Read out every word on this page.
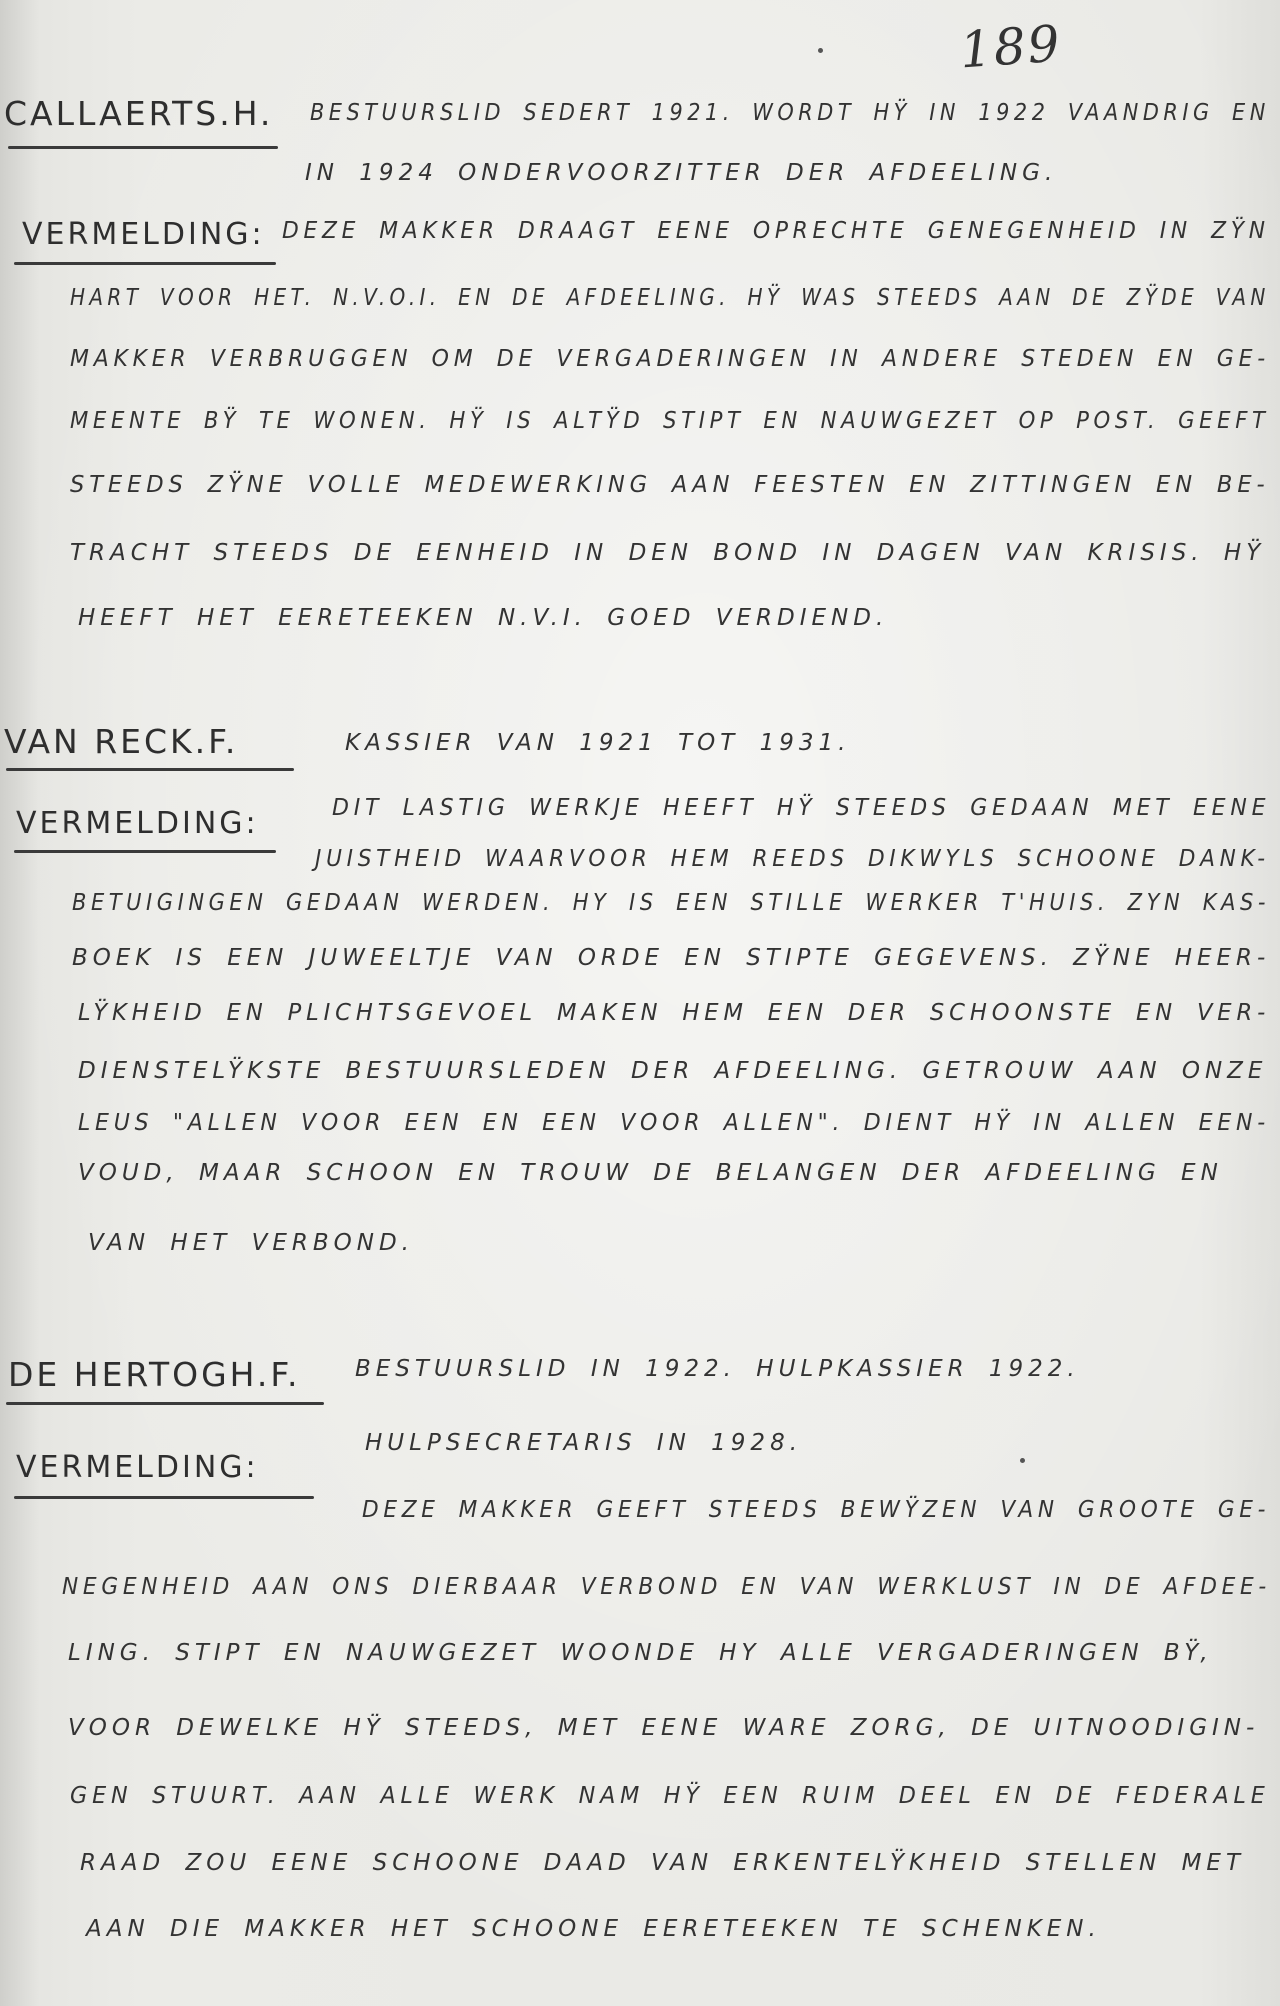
189
CALLAERTS.H. BESTUURSLID SEDERT 1921. WORDT HŸ IN 1922 VAANDRIG EN
IN 1924 ONDERVOORZITTER DER AFDEELING.
VERMELDING: DEZE MAKKER DRAAGT EENE OPRECHTE GENEGENHEID IN ZŸN
HART VOOR HET. N.V.O.I. EN DE AFDEELING. HŸ WAS STEEDS AAN DE ZŸDE VAN
MAKKER VERBRUGGEN OM DE VERGADERINGEN IN ANDERE STEDEN EN GE-
MEENTE BŸ TE WONEN. HŸ IS ALTŸD STIPT EN NAUWGEZET OP POST. GEEFT
STEEDS ZŸNE VOLLE MEDEWERKING AAN FEESTEN EN ZITTINGEN EN BE-
TRACHT STEEDS DE EENHEID IN DEN BOND IN DAGEN VAN KRISIS. HŸ
HEEFT HET EERETEEKEN N.V.I. GOED VERDIEND.
VAN RECK.F.	KASSIER VAN 1921 TOT 1931.
VERMELDING:	DIT LASTIG WERKJE HEEFT HŸ STEEDS GEDAAN MET EENE
JUISTHEID WAARVOOR HEM REEDS DIKWYLS SCHOONE DANK-
BETUIGINGEN GEDAAN WERDEN. HY IS EEN STILLE WERKER T'HUIS. ZYN KAS-
BOEK IS EEN JUWEELTJE VAN ORDE EN STIPTE GEGEVENS. ZŸNE HEER-
LŸKHEID EN PLICHTSGEVOEL MAKEN HEM EEN DER SCHOONSTE EN VER-
DIENSTELŸKSTE BESTUURSLEDEN DER AFDEELING. GETROUW AAN ONZE
LEUS "ALLEN VOOR EEN EN EEN VOOR ALLEN". DIENT HŸ IN ALLEN EEN-
VOUD, MAAR SCHOON EN TROUW DE BELANGEN DER AFDEELING EN
VAN HET VERBOND.
DE HERTOGH.F. BESTUURSLID IN 1922. HULPKASSIER 1922.
HULPSECRETARIS IN 1928.
VERMELDING:
DEZE MAKKER GEEFT STEEDS BEWŸZEN VAN GROOTE GE-
NEGENHEID AAN ONS DIERBAAR VERBOND EN VAN WERKLUST IN DE AFDEE-
LING. STIPT EN NAUWGEZET WOONDE HY ALLE VERGADERINGEN BŸ,
VOOR DEWELKE HŸ STEEDS, MET EENE WARE ZORG, DE UITNOODIGIN-
GEN STUURT. AAN ALLE WERK NAM HŸ EEN RUIM DEEL EN DE FEDERALE
RAAD ZOU EENE SCHOONE DAAD VAN ERKENTELŸKHEID STELLEN MET
AAN DIE MAKKER HET SCHOONE EERETEEKEN TE SCHENKEN.
